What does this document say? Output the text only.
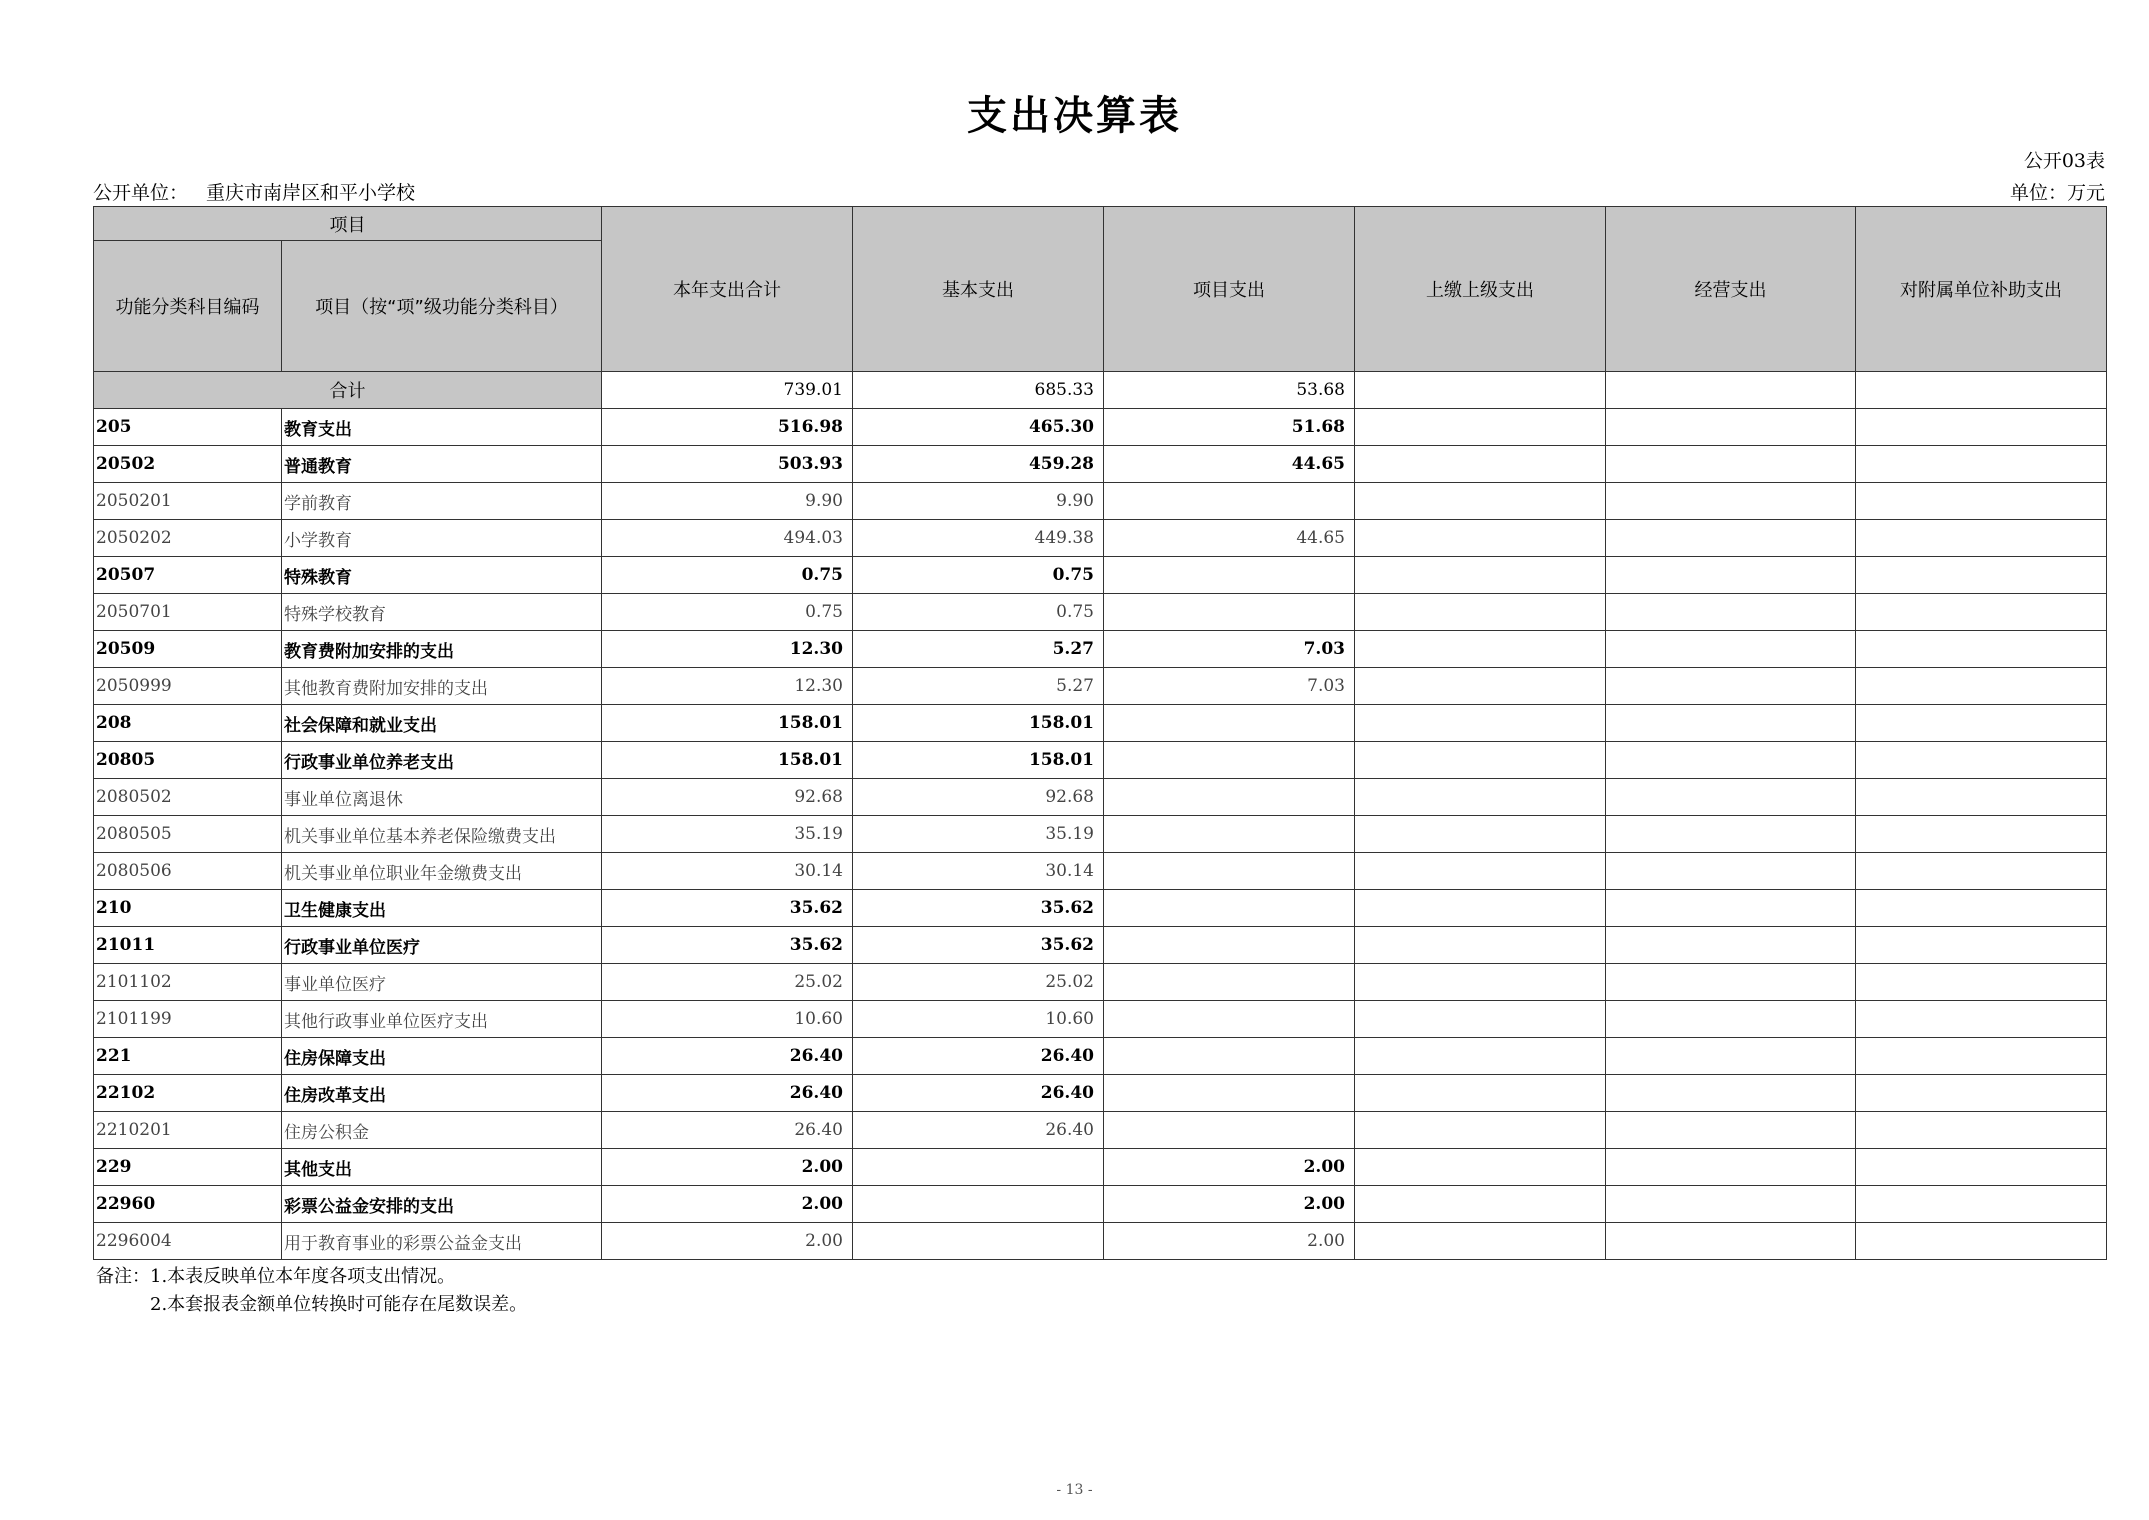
支出决算表
公开03表
公开单位： 重庆市南岸区和平小学校	单位：万元
项目		本年支出合计	基本支出	项目支出	上缴上级支出	经营支出	对附属单位补助支出
功能分类科目编码	项目（按“项”级功能分类科目）						
合计		739.01	685.33	53.68			
205	教育支出	516.98	465.30	51.68			
20502	普通教育	503.93	459.28	44.65			
2050201	学前教育	9.90	9.90				
2050202	小学教育	494.03	449.38	44.65			
20507	特殊教育	0.75	0.75				
2050701	特殊学校教育	0.75	0.75				
20509	教育费附加安排的支出	12.30	5.27	7.03			
2050999	其他教育费附加安排的支出	12.30	5.27	7.03			
208	社会保障和就业支出	158.01	158.01				
20805	行政事业单位养老支出	158.01	158.01				
2080502	事业单位离退休	92.68	92.68				
2080505	机关事业单位基本养老保险缴费支出	35.19	35.19				
2080506	机关事业单位职业年金缴费支出	30.14	30.14				
210	卫生健康支出	35.62	35.62				
21011	行政事业单位医疗	35.62	35.62				
2101102	事业单位医疗	25.02	25.02				
2101199	其他行政事业单位医疗支出	10.60	10.60				
221	住房保障支出	26.40	26.40				
22102	住房改革支出	26.40	26.40				
2210201	住房公积金	26.40	26.40				
229	其他支出	2.00		2.00			
22960	彩票公益金安排的支出	2.00		2.00			
2296004	用于教育事业的彩票公益金支出	2.00		2.00			
备注：1.本表反映单位本年度各项支出情况。
2.本套报表金额单位转换时可能存在尾数误差。
- 13 -
